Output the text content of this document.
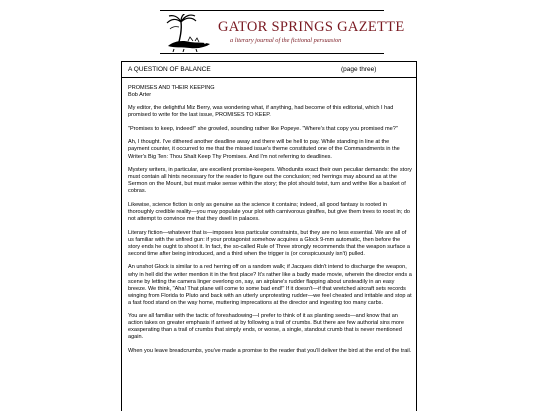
GATOR SPRINGS GAZETTE
a literary journal of the fictional persuasion
A QUESTION OF BALANCE	(page three)

PROMISES AND THEIR KEEPING

Bob Arter

My editor, the delightful Miz Berry, was wondering what, if anything, had become of this editorial, which I had promised to write for the last issue, PROMISES TO KEEP.

"Promises to keep, indeed!" she growled, sounding rather like Popeye. "Where's that copy you promised me?"

Ah, I thought. I've dithered another deadline away and there will be hell to pay. While standing in line at the payment counter, it occurred to me that the missed issue's theme constituted one of the Commandments in the Writer's Big Ten: Thou Shalt Keep Thy Promises. And I'm not referring to deadlines.

Mystery writers, in particular, are excellent promise-keepers. Whodunits exact their own peculiar demands: the story must contain all hints necessary for the reader to figure out the conclusion; red herrings may abound as at the Sermon on the Mount, but must make sense within the story; the plot should twist, turn and writhe like a basket of cobras.

Likewise, science fiction is only as genuine as the science it contains; indeed, all good fantasy is rooted in thoroughly credible reality—you may populate your plot with carnivorous giraffes, but give them trees to roost in; do not attempt to convince me that they dwell in palaces.

Literary fiction—whatever that is—imposes less particular constraints, but they are no less essential. We are all of us familiar with the unfired gun: if your protagonist somehow acquires a Glock 9-mm automatic, then before the story ends he ought to shoot it. In fact, the so-called Rule of Three strongly recommends that the weapon surface a second time after being introduced, and a third when the trigger is (or conspicuously isn't) pulled.

An unshot Glock is similar to a red herring off on a random walk; if Jacques didn't intend to discharge the weapon, why in hell did the writer mention it in the first place? It's rather like a badly made movie, wherein the director ends a scene by letting the camera linger overlong on, say, an airplane's rudder flapping about unsteadily in an easy breeze. We think, "Aha! That plane will come to some bad end!" If it doesn't—if that wretched aircraft sets records winging from Florida to Pluto and back with an utterly unprotesting rudder—we feel cheated and irritable and stop at a fast food stand on the way home, muttering imprecations at the director and ingesting too many carbs.

You are all familiar with the tactic of foreshadowing—I prefer to think of it as planting seeds—and know that an action takes on greater emphasis if arrived at by following a trail of crumbs. But there are few authorial sins more exasperating than a trail of crumbs that simply ends, or worse, a single, standout crumb that is never mentioned again.

When you leave breadcrumbs, you've made a promise to the reader that you'll deliver the bird at the end of the trail.
